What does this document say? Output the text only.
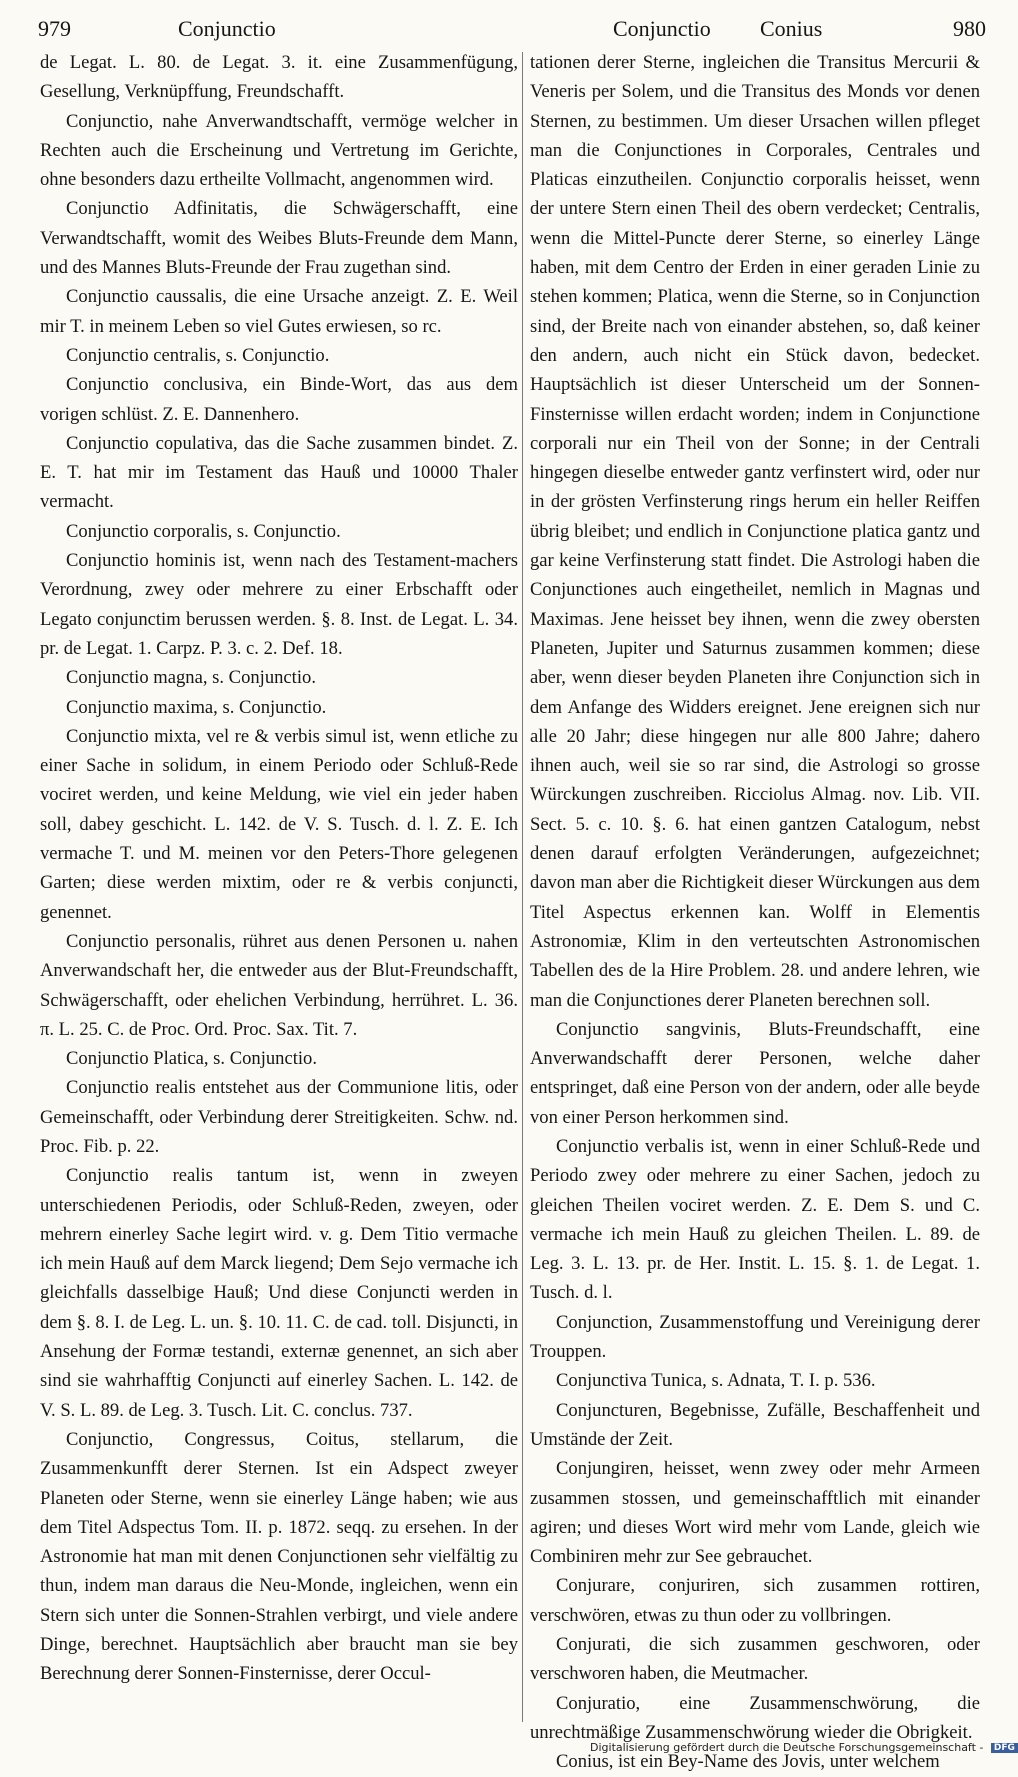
979	Conjunctio	Conjunctio Conius	980

de Legat. L. 80. de Legat. 3. it. eine Zusammenfügung, Gesellung, Verknüpffung, Freundschafft.

Conjunctio, nahe Anverwandtschafft, vermöge welcher in Rechten auch die Erscheinung und Vertretung im Gerichte, ohne besonders dazu ertheilte Vollmacht, angenommen wird.

Conjunctio Adfinitatis, die Schwägerschafft, eine Verwandtschafft, womit des Weibes Bluts-Freunde dem Mann, und des Mannes Bluts-Freunde der Frau zugethan sind.

Conjunctio caussalis, die eine Ursache anzeigt. Z. E. Weil mir T. in meinem Leben so viel Gutes erwiesen, so rc.

Conjunctio centralis, s. Conjunctio.

Conjunctio conclusiva, ein Binde-Wort, das aus dem vorigen schlüst. Z. E. Dannenhero.

Conjunctio copulativa, das die Sache zusammen bindet. Z. E. T. hat mir im Testament das Hauß und 10000 Thaler vermacht.

Conjunctio corporalis, s. Conjunctio.

Conjunctio hominis ist, wenn nach des Testament-machers Verordnung, zwey oder mehrere zu einer Erbschafft oder Legato conjunctim berussen werden. §. 8. Inst. de Legat. L. 34. pr. de Legat. 1. Carpz. P. 3. c. 2. Def. 18.

Conjunctio magna, s. Conjunctio.

Conjunctio maxima, s. Conjunctio.

Conjunctio mixta, vel re & verbis simul ist, wenn etliche zu einer Sache in solidum, in einem Periodo oder Schluß-Rede vociret werden, und keine Meldung, wie viel ein jeder haben soll, dabey geschicht. L. 142. de V. S. Tusch. d. l. Z. E. Ich vermache T. und M. meinen vor den Peters-Thore gelegenen Garten; diese werden mixtim, oder re & verbis conjuncti, genennet.

Conjunctio personalis, rühret aus denen Personen u. nahen Anverwandschaft her, die entweder aus der Blut-Freundschafft, Schwägerschafft, oder ehelichen Verbindung, herrühret. L. 36. π. L. 25. C. de Proc. Ord. Proc. Sax. Tit. 7.

Conjunctio Platica, s. Conjunctio.

Conjunctio realis entstehet aus der Communione litis, oder Gemeinschafft, oder Verbindung derer Streitigkeiten. Schw. nd. Proc. Fib. p. 22.

Conjunctio realis tantum ist, wenn in zweyen unterschiedenen Periodis, oder Schluß-Reden, zweyen, oder mehrern einerley Sache legirt wird. v. g. Dem Titio vermache ich mein Hauß auf dem Marck liegend; Dem Sejo vermache ich gleichfalls dasselbige Hauß; Und diese Conjuncti werden in dem §. 8. I. de Leg. L. un. §. 10. 11. C. de cad. toll. Disjuncti, in Ansehung der Formæ testandi, externæ genennet, an sich aber sind sie wahrhafftig Conjuncti auf einerley Sachen. L. 142. de V. S. L. 89. de Leg. 3. Tusch. Lit. C. conclus. 737.

Conjunctio, Congressus, Coitus, stellarum, die Zusammenkunfft derer Sternen. Ist ein Adspect zweyer Planeten oder Sterne, wenn sie einerley Länge haben; wie aus dem Titel Adspectus Tom. II. p. 1872. seqq. zu ersehen. In der Astronomie hat man mit denen Conjunctionen sehr vielfältig zu thun, indem man daraus die Neu-Monde, ingleichen, wenn ein Stern sich unter die Sonnen-Strahlen verbirgt, und viele andere Dinge, berechnet. Hauptsächlich aber braucht man sie bey Berechnung derer Sonnen-Finsternisse, derer Occul-

tationen derer Sterne, ingleichen die Transitus Mercurii & Veneris per Solem, und die Transitus des Monds vor denen Sternen, zu bestimmen. Um dieser Ursachen willen pfleget man die Conjunctiones in Corporales, Centrales und Platicas einzutheilen. Conjunctio corporalis heisset, wenn der untere Stern einen Theil des obern verdecket; Centralis, wenn die Mittel-Puncte derer Sterne, so einerley Länge haben, mit dem Centro der Erden in einer geraden Linie zu stehen kommen; Platica, wenn die Sterne, so in Conjunction sind, der Breite nach von einander abstehen, so, daß keiner den andern, auch nicht ein Stück davon, bedecket. Hauptsächlich ist dieser Unterscheid um der Sonnen-Finsternisse willen erdacht worden; indem in Conjunctione corporali nur ein Theil von der Sonne; in der Centrali hingegen dieselbe entweder gantz verfinstert wird, oder nur in der grösten Verfinsterung rings herum ein heller Reiffen übrig bleibet; und endlich in Conjunctione platica gantz und gar keine Verfinsterung statt findet. Die Astrologi haben die Conjunctiones auch eingetheilet, nemlich in Magnas und Maximas. Jene heisset bey ihnen, wenn die zwey obersten Planeten, Jupiter und Saturnus zusammen kommen; diese aber, wenn dieser beyden Planeten ihre Conjunction sich in dem Anfange des Widders ereignet. Jene ereignen sich nur alle 20 Jahr; diese hingegen nur alle 800 Jahre; dahero ihnen auch, weil sie so rar sind, die Astrologi so grosse Würckungen zuschreiben. Ricciolus Almag. nov. Lib. VII. Sect. 5. c. 10. §. 6. hat einen gantzen Catalogum, nebst denen darauf erfolgten Veränderungen, aufgezeichnet; davon man aber die Richtigkeit dieser Würckungen aus dem Titel Aspectus erkennen kan. Wolff in Elementis Astronomiæ, Klim in den verteutschten Astronomischen Tabellen des de la Hire Problem. 28. und andere lehren, wie man die Conjunctiones derer Planeten berechnen soll.

Conjunctio sangvinis, Bluts-Freundschafft, eine Anverwandschafft derer Personen, welche daher entspringet, daß eine Person von der andern, oder alle beyde von einer Person herkommen sind.

Conjunctio verbalis ist, wenn in einer Schluß-Rede und Periodo zwey oder mehrere zu einer Sachen, jedoch zu gleichen Theilen vociret werden. Z. E. Dem S. und C. vermache ich mein Hauß zu gleichen Theilen. L. 89. de Leg. 3. L. 13. pr. de Her. Instit. L. 15. §. 1. de Legat. 1. Tusch. d. l.

Conjunction, Zusammenstoffung und Vereinigung derer Trouppen.

Conjunctiva Tunica, s. Adnata, T. I. p. 536.

Conjuncturen, Begebnisse, Zufälle, Beschaffenheit und Umstände der Zeit.

Conjungiren, heisset, wenn zwey oder mehr Armeen zusammen stossen, und gemeinschafftlich mit einander agiren; und dieses Wort wird mehr vom Lande, gleich wie Combiniren mehr zur See gebrauchet.

Conjurare, conjuriren, sich zusammen rottiren, verschwören, etwas zu thun oder zu vollbringen.

Conjurati, die sich zusammen geschworen, oder verschworen haben, die Meutmacher.

Conjuratio, eine Zusammenschwörung, die unrechtmäßige Zusammenschwörung wieder die Obrigkeit.

Conius, ist ein Bey-Name des Jovis, unter welchem

Digitalisierung gefördert durch die Deutsche Forschungsgemeinschaft - DFG
